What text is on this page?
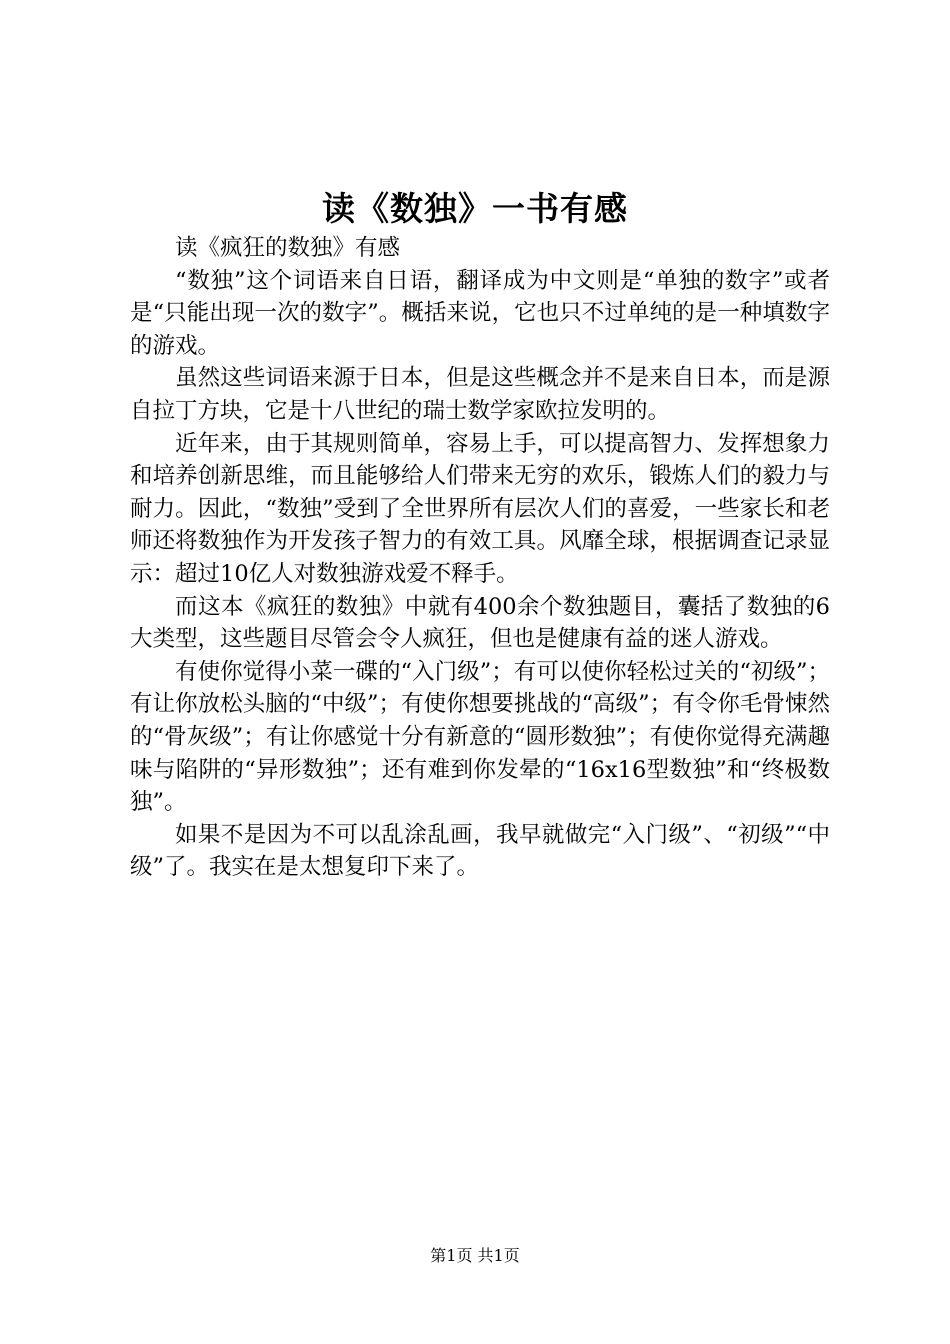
读《数独》一书有感

读《疯狂的数独》有感

“数独”这个词语来自日语，翻译成为中文则是“单独的数字”或者是“只能出现一次的数字”。概括来说，它也只不过单纯的是一种填数字的游戏。

虽然这些词语来源于日本，但是这些概念并不是来自日本，而是源自拉丁方块，它是十八世纪的瑞士数学家欧拉发明的。

近年来，由于其规则简单，容易上手，可以提高智力、发挥想象力和培养创新思维，而且能够给人们带来无穷的欢乐，锻炼人们的毅力与耐力。因此，“数独”受到了全世界所有层次人们的喜爱，一些家长和老师还将数独作为开发孩子智力的有效工具。风靡全球，根据调查记录显示：超过10亿人对数独游戏爱不释手。

而这本《疯狂的数独》中就有400余个数独题目，囊括了数独的6大类型，这些题目尽管会令人疯狂，但也是健康有益的迷人游戏。

有使你觉得小菜一碟的“入门级”；有可以使你轻松过关的“初级”；有让你放松头脑的“中级”；有使你想要挑战的“高级”；有令你毛骨悚然的“骨灰级”；有让你感觉十分有新意的“圆形数独”；有使你觉得充满趣味与陷阱的“异形数独”；还有难到你发晕的“16x16型数独”和“终极数独”。

如果不是因为不可以乱涂乱画，我早就做完“入门级”、“初级”“中级”了。我实在是太想复印下来了。

第1页 共1页
